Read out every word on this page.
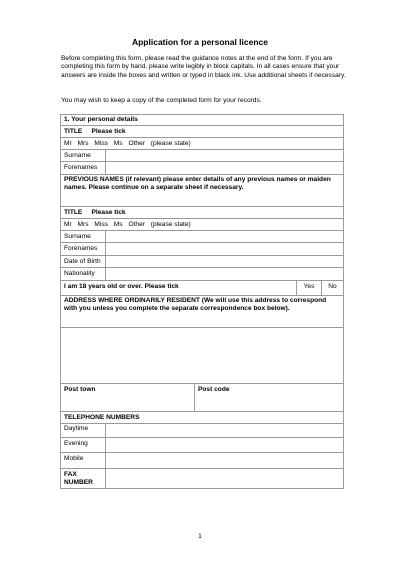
Application for a personal licence
Before completing this form, please read the guidance notes at the end of the form. If you are completing this form by hand, please write legibly in block capitals. In all cases ensure that your answers are inside the boxes and written or typed in black ink. Use additional sheets if necessary.
You may wish to keep a copy of the completed form for your records.
1. Your personal details				
TITLE Please tick				
Mr Mrs Miss Ms Other (please state)				
Surname				
Forenames				
PREVIOUS NAMES (if relevant) please enter details of any previous names or maiden names. Please continue on a separate sheet if necessary.				
TITLE Please tick				
Mr Mrs Miss Ms Other (please state)				
Surname				
Forenames				
Date of Birth				
Nationality				
I am 18 years old or over. Please tick			Yes	No
ADDRESS WHERE ORDINARILY RESIDENT (We will use this address to correspond with you unless you complete the separate correspondence box below).				

Post town		Post code		
TELEPHONE NUMBERS				
Daytime				
Evening				
Mobile				
FAX NUMBER				
1
